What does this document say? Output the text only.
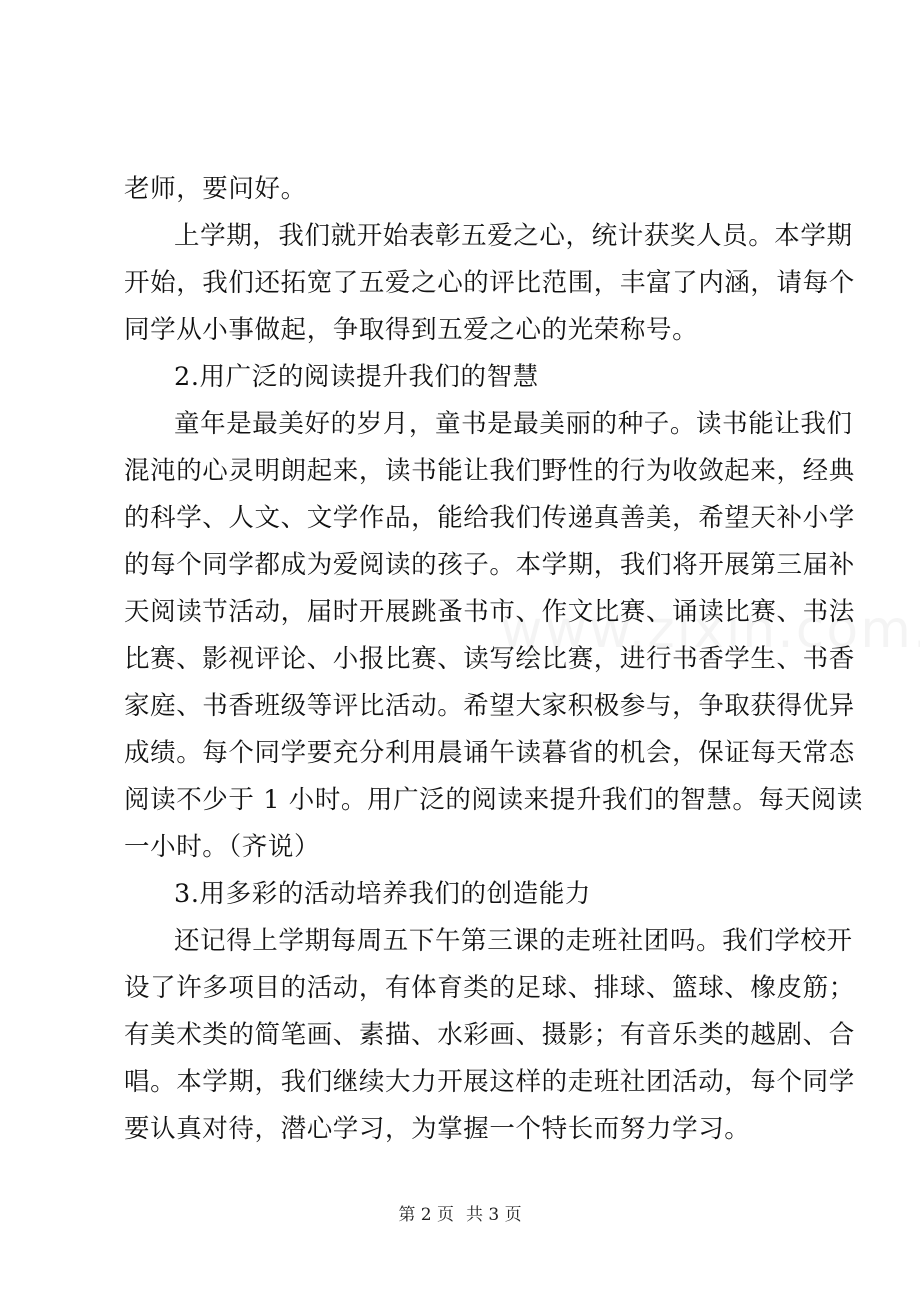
老师，要问好。
上学期，我们就开始表彰五爱之心，统计获奖人员。本学期
开始，我们还拓宽了五爱之心的评比范围，丰富了内涵，请每个
同学从小事做起，争取得到五爱之心的光荣称号。
2.用广泛的阅读提升我们的智慧
童年是最美好的岁月，童书是最美丽的种子。读书能让我们
混沌的心灵明朗起来，读书能让我们野性的行为收敛起来，经典
的科学、人文、文学作品，能给我们传递真善美，希望天补小学
的每个同学都成为爱阅读的孩子。本学期，我们将开展第三届补
天阅读节活动，届时开展跳蚤书市、作文比赛、诵读比赛、书法
比赛、影视评论、小报比赛、读写绘比赛，进行书香学生、书香
家庭、书香班级等评比活动。希望大家积极参与，争取获得优异
成绩。每个同学要充分利用晨诵午读暮省的机会，保证每天常态
阅读不少于 1 小时。用广泛的阅读来提升我们的智慧。每天阅读
一小时。（齐说）
3.用多彩的活动培养我们的创造能力
还记得上学期每周五下午第三课的走班社团吗。我们学校开
设了许多项目的活动，有体育类的足球、排球、篮球、橡皮筋；
有美术类的简笔画、素描、水彩画、摄影；有音乐类的越剧、合
唱。本学期，我们继续大力开展这样的走班社团活动，每个同学
要认真对待，潜心学习，为掌握一个特长而努力学习。
第 2 页 共 3 页
